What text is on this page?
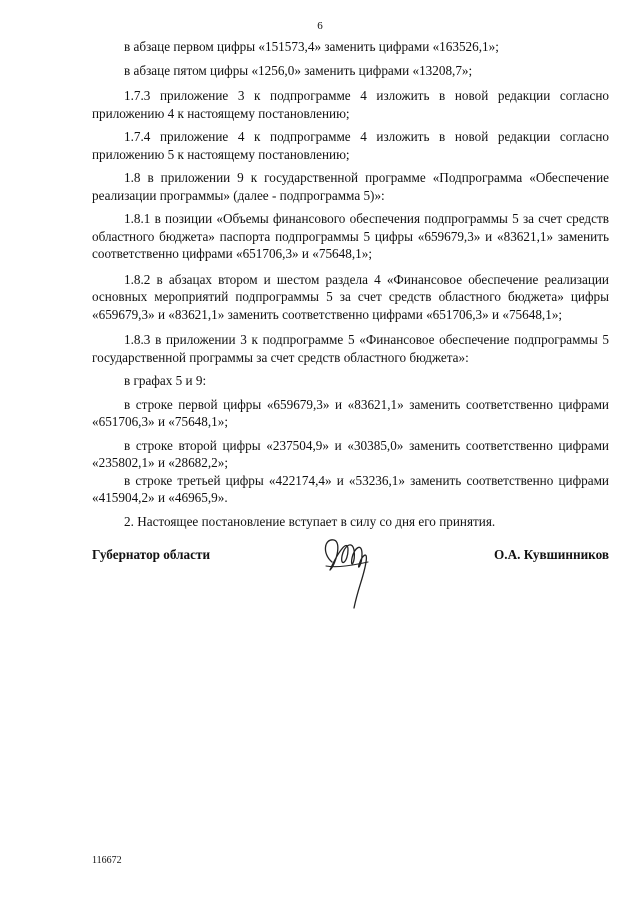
6

в абзаце первом цифры «151573,4» заменить цифрами «163526,1»;

в абзаце пятом цифры «1256,0» заменить цифрами «13208,7»;

1.7.3 приложение 3 к подпрограмме 4 изложить в новой редакции согласно приложению 4 к настоящему постановлению;

1.7.4 приложение 4 к подпрограмме 4 изложить в новой редакции согласно приложению 5 к настоящему постановлению;

1.8 в приложении 9 к государственной программе «Подпрограмма «Обеспечение реализации программы» (далее - подпрограмма 5)»:

1.8.1 в позиции «Объемы финансового обеспечения подпрограммы 5 за счет средств областного бюджета» паспорта подпрограммы 5 цифры «659679,3» и «83621,1» заменить соответственно цифрами «651706,3» и «75648,1»;

1.8.2 в абзацах втором и шестом раздела 4 «Финансовое обеспечение реализации основных мероприятий подпрограммы 5 за счет средств областного бюджета» цифры «659679,3» и «83621,1» заменить соответственно цифрами «651706,3» и «75648,1»;

1.8.3 в приложении 3 к подпрограмме 5 «Финансовое обеспечение подпрограммы 5 государственной программы за счет средств областного бюджета»:

в графах 5 и 9:

в строке первой цифры «659679,3» и «83621,1» заменить соответственно цифрами «651706,3» и «75648,1»;

в строке второй цифры «237504,9» и «30385,0» заменить соответственно цифрами «235802,1» и «28682,2»;

в строке третьей цифры «422174,4» и «53236,1» заменить соответственно цифрами «415904,2» и «46965,9».

2. Настоящее постановление вступает в силу со дня его принятия.

Губернатор области	О.А. Кувшинников
116672
